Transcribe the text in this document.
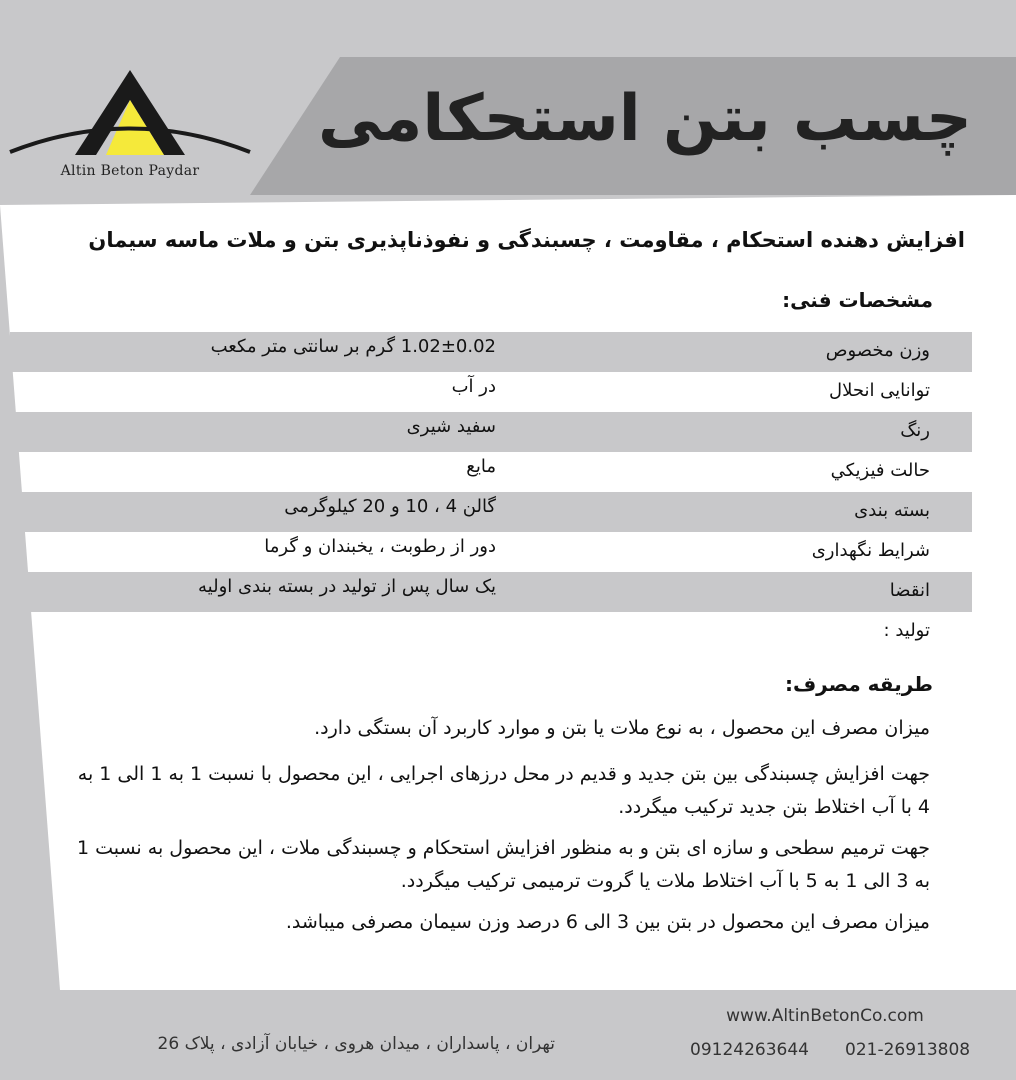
Altin Beton Paydar
چسب بتن استحکامی
افزایش دهنده استحکام ، مقاومت ، چسبندگی و نفوذناپذیری بتن و ملات ماسه سیمان
مشخصات فنی:
وزن مخصوص
1.02±0.02 گرم بر سانتی متر مکعب
توانایی انحلال
در آب
رنگ
سفید شیری
حالت فیزیکي
مایع
بسته بندی
گالن 4 ، 10 و 20 کیلوگرمی
شرایط نگهداری
دور از رطوبت ، یخبندان و گرما
انقضا
یک سال پس از تولید در بسته بندی اولیه
تولید :
طریقه مصرف:
میزان مصرف این محصول ، به نوع ملات یا بتن و موارد کاربرد آن بستگی دارد.
جهت افزایش چسبندگی بین بتن جدید و قدیم در محل درزهای اجرایی ، این محصول با نسبت 1 به 1 الی 1 به 4 با آب اختلاط بتن جدید ترکیب میگردد.
جهت ترمیم سطحی و سازه ای بتن و به منظور افزایش استحکام و چسبندگی ملات ، این محصول به نسبت 1 به 3 الی 1 به 5 با آب اختلاط ملات یا گروت ترمیمی ترکیب میگردد.
میزان مصرف این محصول در بتن بین 3 الی 6 درصد وزن سیمان مصرفی میباشد.
تهران ، پاسداران ، میدان هروی ، خیابان آزادی ، پلاک 26
www.AltinBetonCo.com
09124263644 021-26913808
